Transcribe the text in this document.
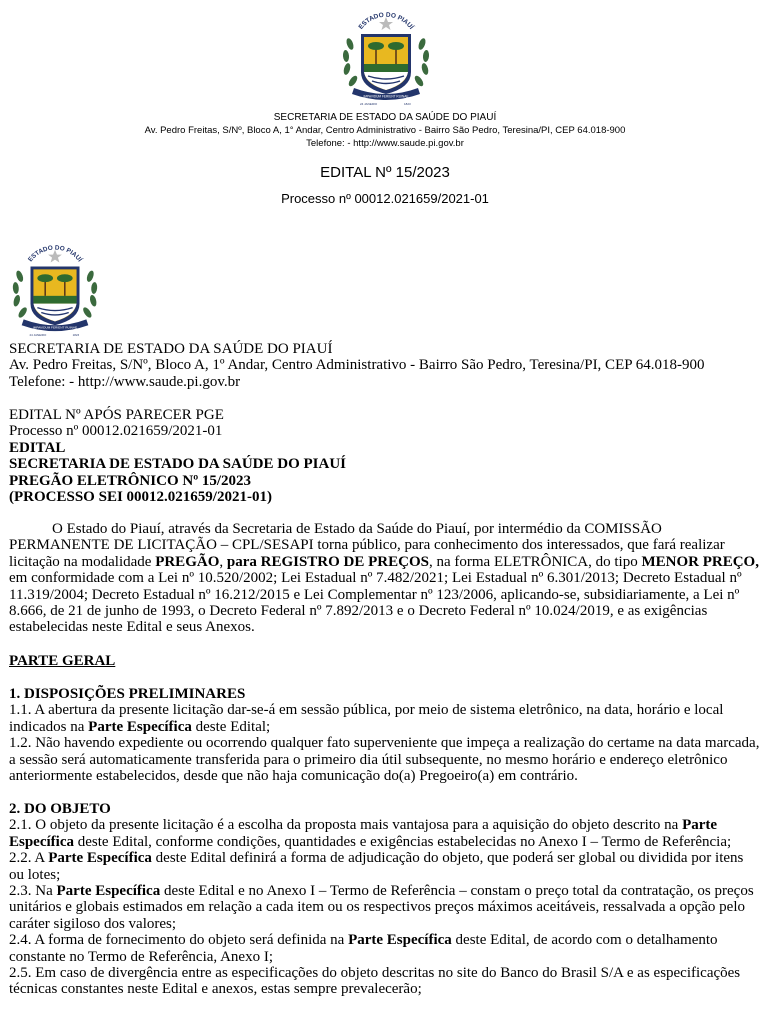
ESTADO DO PIAUÍ
IMPAVIDUM FERIENT RUINAE
24 JANEIRO	1823
SECRETARIA DE ESTADO DA SAÚDE DO PIAUÍ
Av. Pedro Freitas, S/Nº, Bloco A, 1° Andar, Centro Administrativo - Bairro São Pedro, Teresina/PI, CEP 64.018-900
Telefone: - http://www.saude.pi.gov.br
EDITAL Nº 15/2023
Processo nº 00012.021659/2021-01
ESTADO DO PIAUÍ
IMPAVIDUM FERIENT RUINAE
24 JANEIRO	1823

SECRETARIA DE ESTADO DA SAÚDE DO PIAUÍ

Av. Pedro Freitas, S/Nº, Bloco A, 1º Andar, Centro Administrativo - Bairro São Pedro, Teresina/PI, CEP 64.018-900

Telefone: - http://www.saude.pi.gov.br

EDITAL Nº APÓS PARECER PGE

Processo nº 00012.021659/2021-01

EDITAL

SECRETARIA DE ESTADO DA SAÚDE DO PIAUÍ

PREGÃO ELETRÔNICO Nº 15/2023

(PROCESSO SEI 00012.021659/2021-01)

O Estado do Piauí, através da Secretaria de Estado da Saúde do Piauí, por intermédio da COMISSÃO PERMANENTE DE LICITAÇÃO – CPL/SESAPI torna público, para conhecimento dos interessados, que fará realizar licitação na modalidade PREGÃO, para REGISTRO DE PREÇOS, na forma ELETRÔNICA, do tipo MENOR PREÇO, em conformidade com a Lei nº 10.520/2002; Lei Estadual nº 7.482/2021; Lei Estadual nº 6.301/2013; Decreto Estadual nº 11.319/2004; Decreto Estadual nº 16.212/2015 e Lei Complementar nº 123/2006, aplicando-se, subsidiariamente, a Lei nº 8.666, de 21 de junho de 1993, o Decreto Federal nº 7.892/2013 e o Decreto Federal nº 10.024/2019, e as exigências estabelecidas neste Edital e seus Anexos.

PARTE GERAL

1. DISPOSIÇÕES PRELIMINARES

1.1. A abertura da presente licitação dar-se-á em sessão pública, por meio de sistema eletrônico, na data, horário e local indicados na Parte Específica deste Edital;

1.2. Não havendo expediente ou ocorrendo qualquer fato superveniente que impeça a realização do certame na data marcada, a sessão será automaticamente transferida para o primeiro dia útil subsequente, no mesmo horário e endereço eletrônico anteriormente estabelecidos, desde que não haja comunicação do(a) Pregoeiro(a) em contrário.

2. DO OBJETO

2.1. O objeto da presente licitação é a escolha da proposta mais vantajosa para a aquisição do objeto descrito na Parte Específica deste Edital, conforme condições, quantidades e exigências estabelecidas no Anexo I – Termo de Referência;

2.2. A Parte Específica deste Edital definirá a forma de adjudicação do objeto, que poderá ser global ou dividida por itens ou lotes;

2.3. Na Parte Específica deste Edital e no Anexo I – Termo de Referência – constam o preço total da contratação, os preços unitários e globais estimados em relação a cada item ou os respectivos preços máximos aceitáveis, ressalvada a opção pelo caráter sigiloso dos valores;

2.4. A forma de fornecimento do objeto será definida na Parte Específica deste Edital, de acordo com o detalhamento constante no Termo de Referência, Anexo I;

2.5. Em caso de divergência entre as especificações do objeto descritas no site do Banco do Brasil S/A e as especificações técnicas constantes neste Edital e anexos, estas sempre prevalecerão;
